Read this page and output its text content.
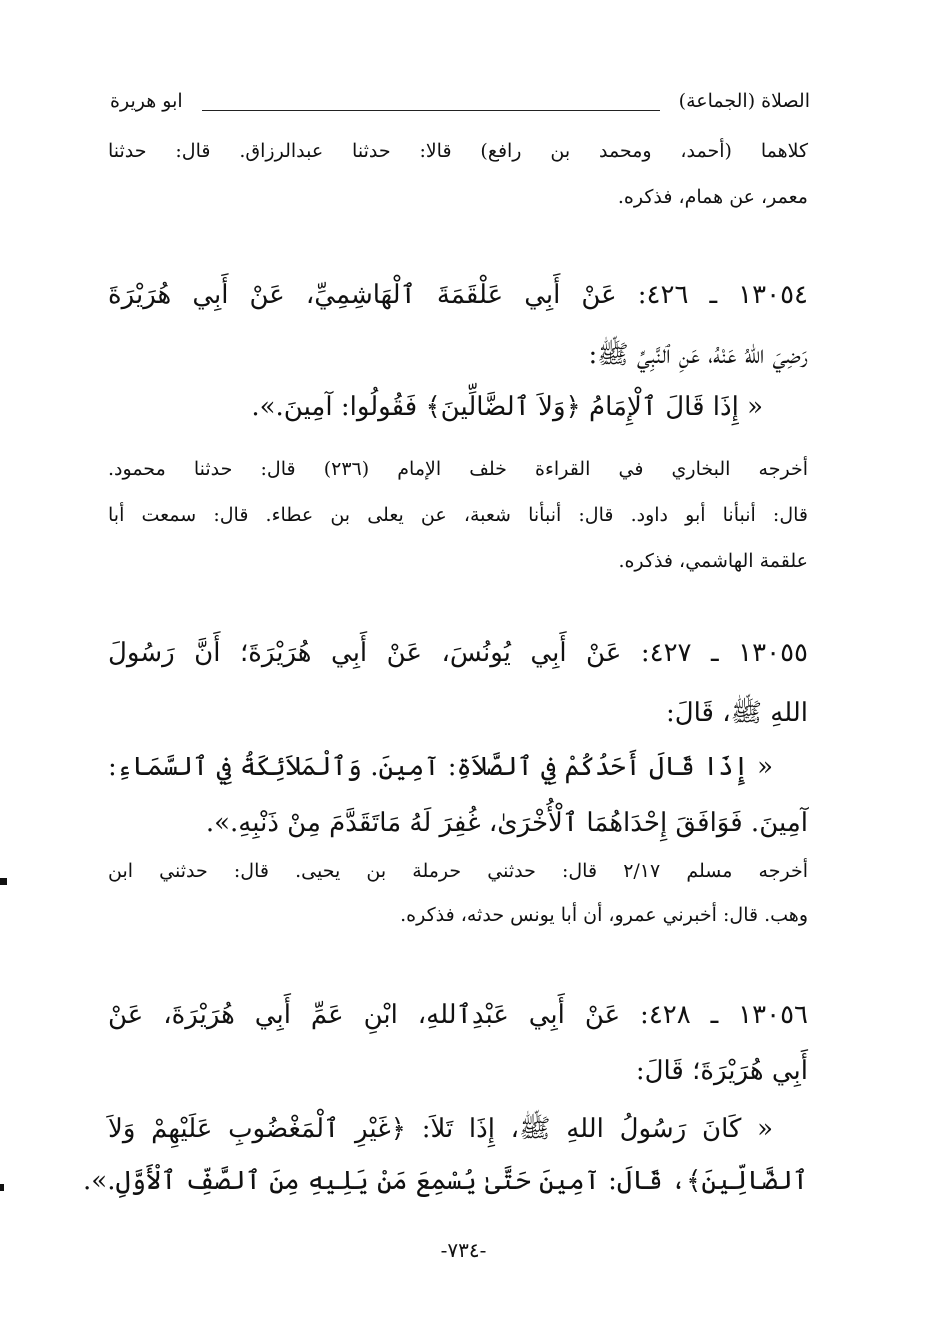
الصلاة (الجماعة)
ابو هريرة
كلاهما (أحمد، ومحمد بن رافع) قالا: حدثنا عبدالرزاق. قال: حدثنا
معمر، عن همام، فذكره.
١٣٠٥٤ ـ ٤٢٦: عَنْ أَبِي عَلْقَمَةَ ٱلْهَاشِمِيِّ، عَنْ أَبِي هُرَيْرَةَ
رَضِيَ اللهُ عَنْهُ، عَنِ ٱلنَّبِيِّ ﷺ:
« إِذَا قَالَ ٱلْإِمَامُ ﴿وَلاَ ٱلضَّالِّينَ﴾ فَقُولُوا: آمِينَ.».
أخرجه البخاري في القراءة خلف الإمام (٢٣٦) قال: حدثنا محمود.
قال: أنبأنا أبو داود. قال: أنبأنا شعبة، عن يعلى بن عطاء. قال: سمعت أبا
علقمة الهاشمي، فذكره.
١٣٠٥٥ ـ ٤٢٧: عَنْ أَبِي يُونُسَ، عَنْ أَبِي هُرَيْرَةَ؛ أَنَّ رَسُولَ
اللهِ ﷺ، قَالَ:
« إِذَا قَالَ أَحَدُكُمْ فِي ٱلصَّلاَةِ: آمِينَ. وَٱلْمَلاَئِكَةُ فِي ٱلسَّمَاءِ:
آمِينَ. فَوَافَقَ إِحْدَاهُمَا ٱلْأُخْرَىٰ، غُفِرَ لَهُ مَاتَقَدَّمَ مِنْ ذَنْبِهِ.».
أخرجه مسلم ٢/١٧ قال: حدثني حرملة بن يحيى. قال: حدثني ابن
وهب. قال: أخبرني عمرو، أن أبا يونس حدثه، فذكره.
١٣٠٥٦ ـ ٤٢٨: عَنْ أَبِي عَبْدِٱللهِ، ابْنِ عَمِّ أَبِي هُرَيْرَةَ، عَنْ
أَبِي هُرَيْرَةَ؛ قَالَ:
« كَانَ رَسُولُ اللهِ ﷺ، إِذَا تَلاَ: ﴿غَيْرِ ٱلْمَغْضُوبِ عَلَيْهِمْ وَلاَ
ٱلضَّالِّينَ﴾، قَالَ: آمِينَ حَتَّىٰ يُسْمِعَ مَنْ يَلِيهِ مِنَ ٱلصَّفِّ ٱلْأَوَّلِ.».
-٧٣٤-
